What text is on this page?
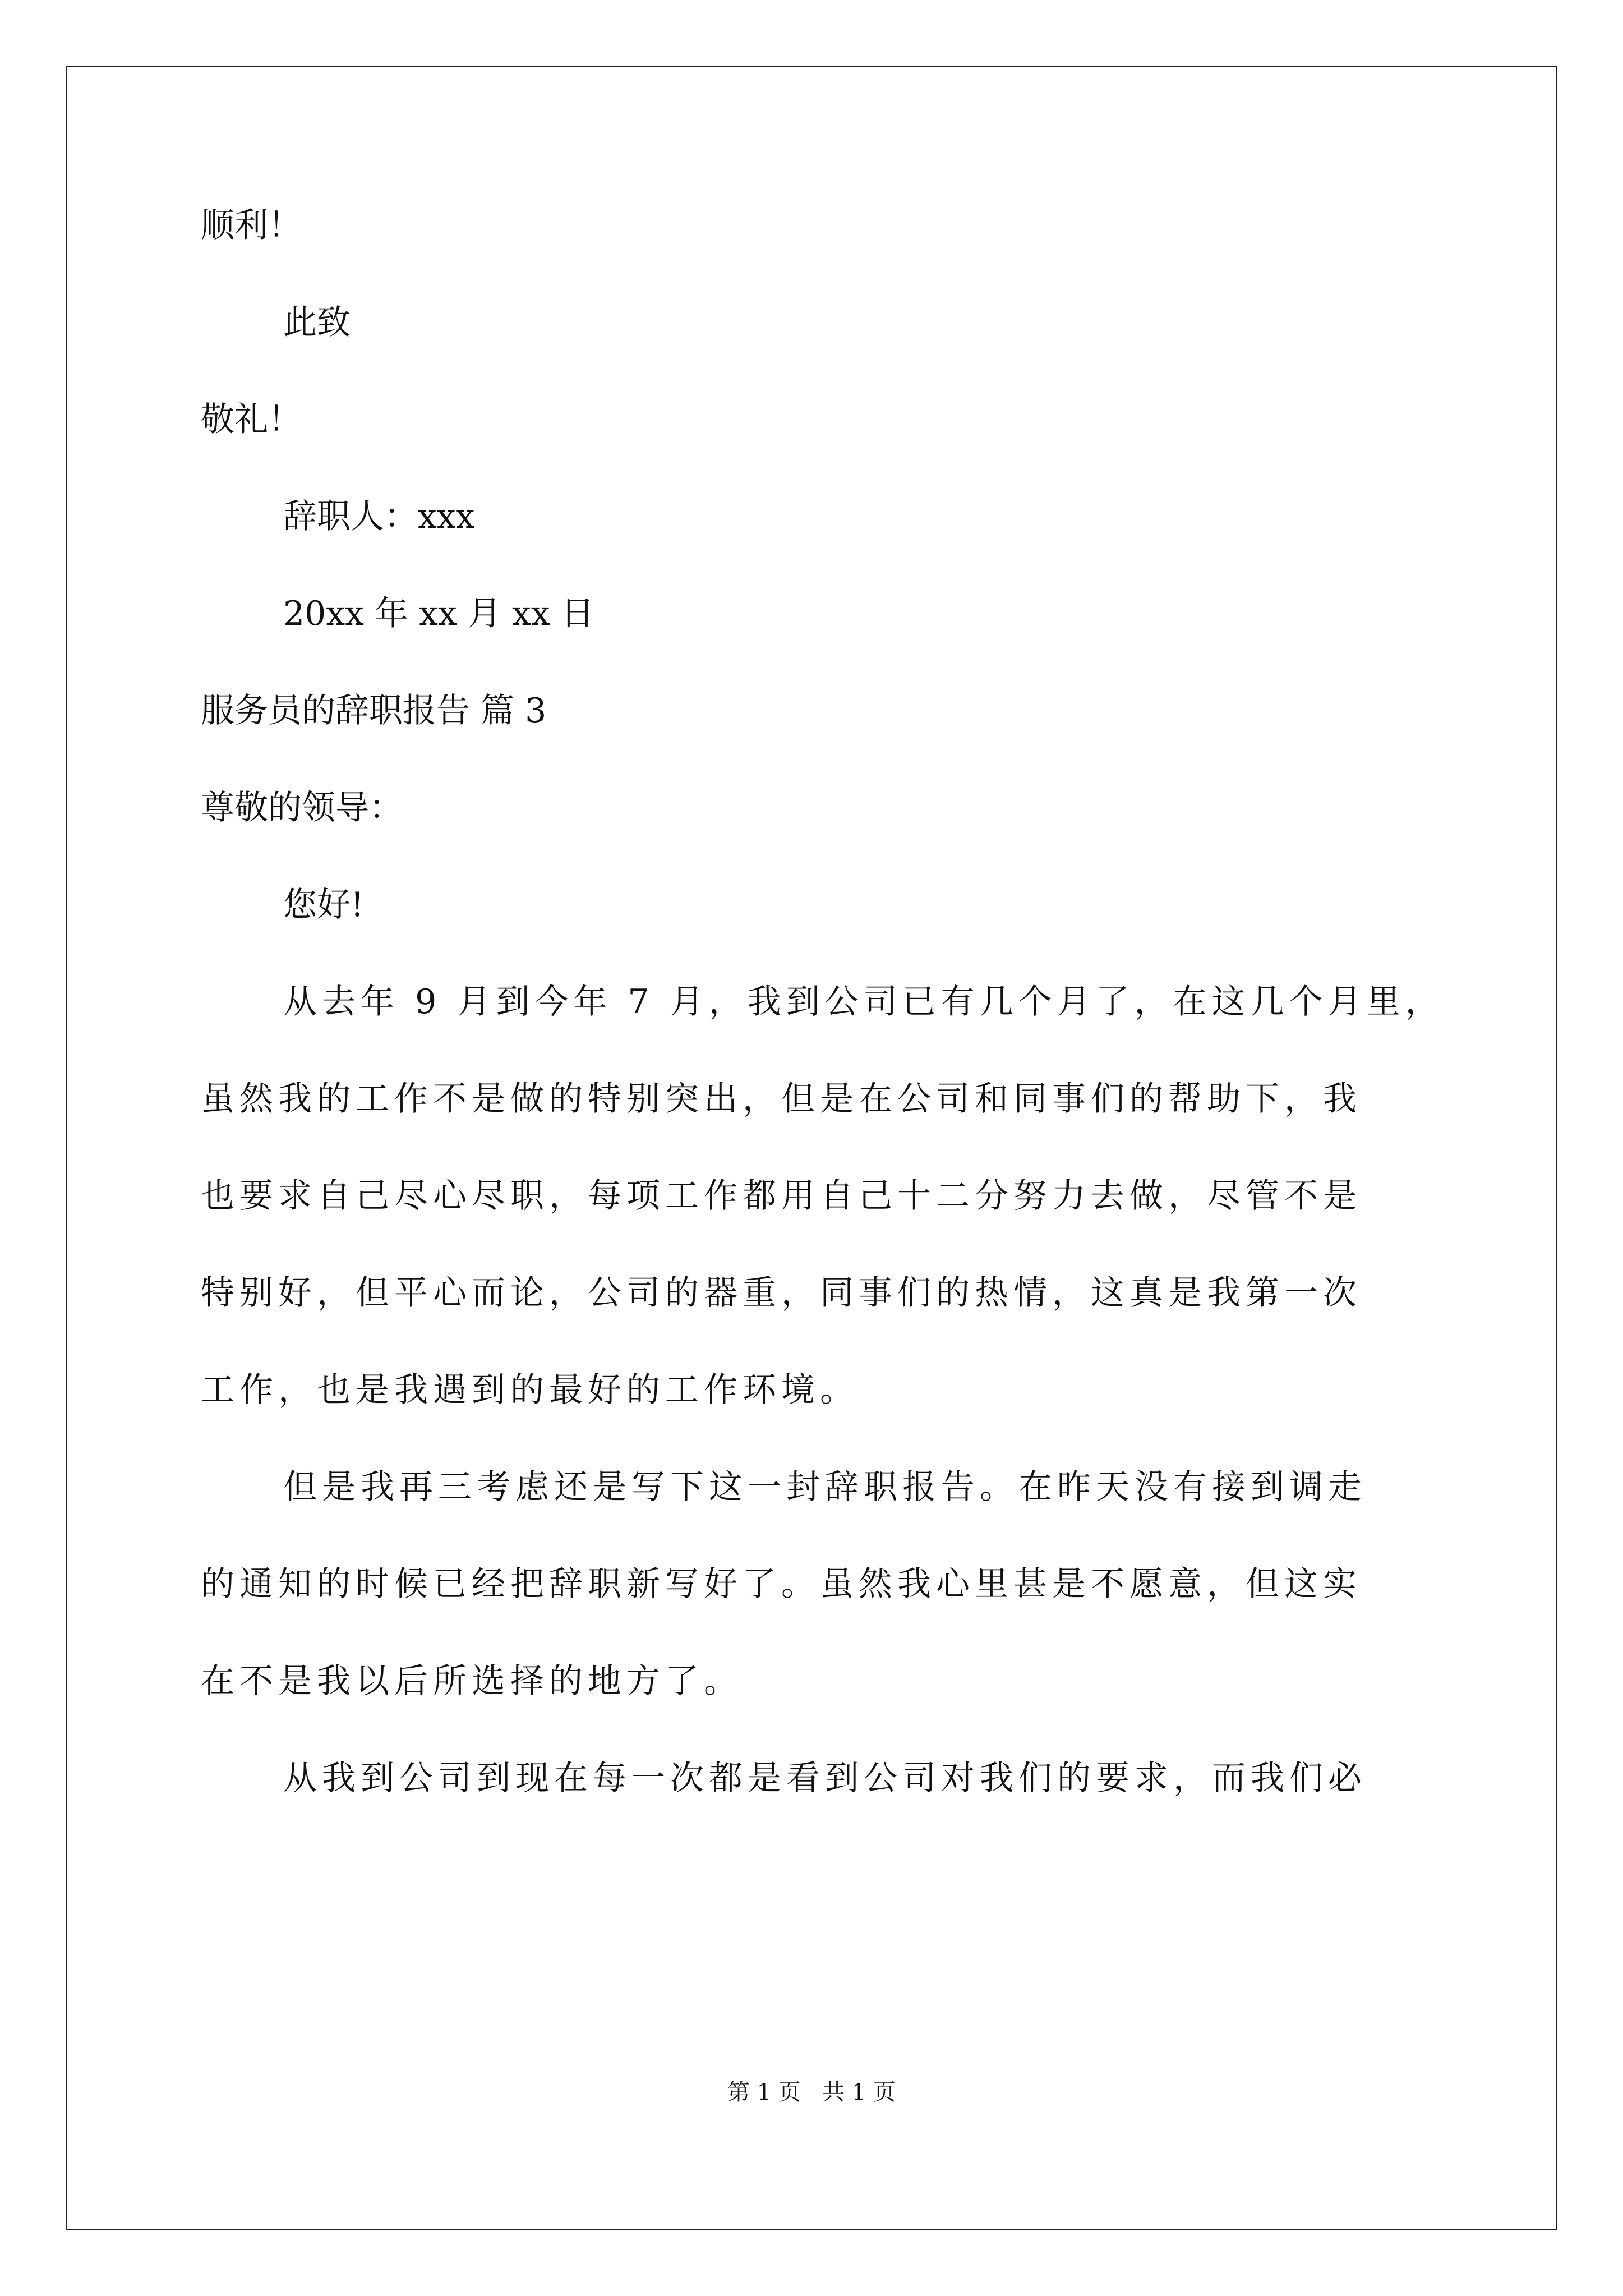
顺利！
此致
敬礼！
辞职人：xxx
20xx 年 xx 月 xx 日
服务员的辞职报告 篇 3
尊敬的领导：
您好!
从去年 9 月到今年 7 月，我到公司已有几个月了，在这几个月里，
虽然我的工作不是做的特别突出，但是在公司和同事们的帮助下，我
也要求自己尽心尽职，每项工作都用自己十二分努力去做，尽管不是
特别好，但平心而论，公司的器重，同事们的热情，这真是我第一次
工作，也是我遇到的最好的工作环境。
但是我再三考虑还是写下这一封辞职报告。在昨天没有接到调走
的通知的时候已经把辞职新写好了。虽然我心里甚是不愿意，但这实
在不是我以后所选择的地方了。
从我到公司到现在每一次都是看到公司对我们的要求，而我们必
第 1 页 共 1 页
